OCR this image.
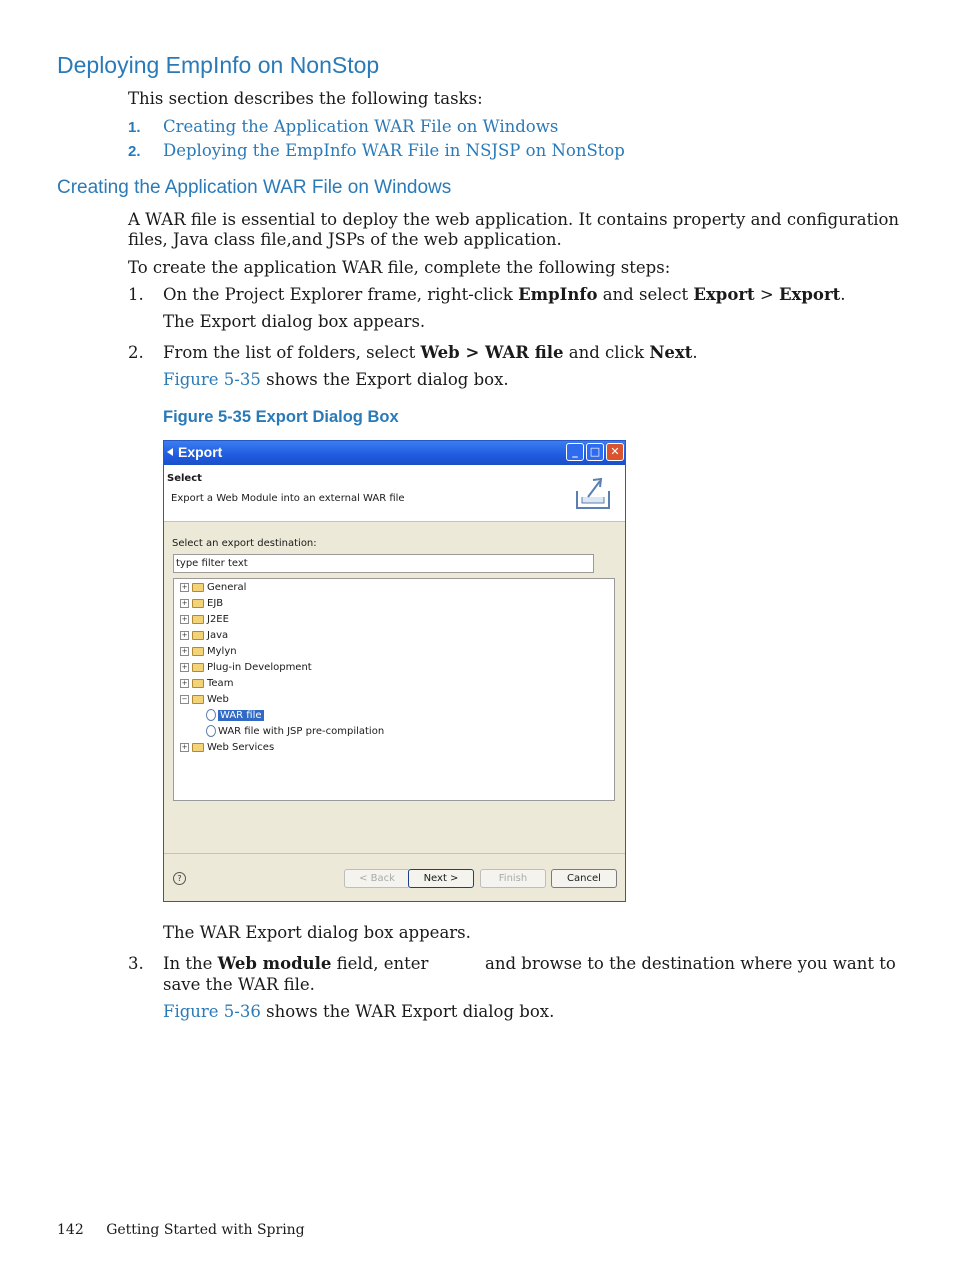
Deploying EmpInfo on NonStop
This section describes the following tasks:
1. Creating the Application WAR File on Windows
2. Deploying the EmpInfo WAR File in NSJSP on NonStop
Creating the Application WAR File on Windows
A WAR file is essential to deploy the web application. It contains property and configuration
files, Java class file,and JSPs of the web application.
To create the application WAR file, complete the following steps:
1. On the Project Explorer frame, right-click EmpInfo and select Export > Export.
The Export dialog box appears.
2. From the list of folders, select Web > WAR file and click Next.
Figure 5-35 shows the Export dialog box.
Figure 5-35 Export Dialog Box
Export	_	□ ✕
Select
Export a Web Module into an external WAR file
Select an export destination:
type filter text
+ General
+ EJB
+ J2EE
+ Java
+ Mylyn
+ Plug-in Development
+ Team
− Web
WAR file
WAR file with JSP pre-compilation
+ Web Services
?	< Back	Next >	Finish	Cancel
The WAR Export dialog box appears.
3. In the Web module field, enter	and browse to the destination where you want to
save the WAR file.
Figure 5-36 shows the WAR Export dialog box.
142 Getting Started with Spring
